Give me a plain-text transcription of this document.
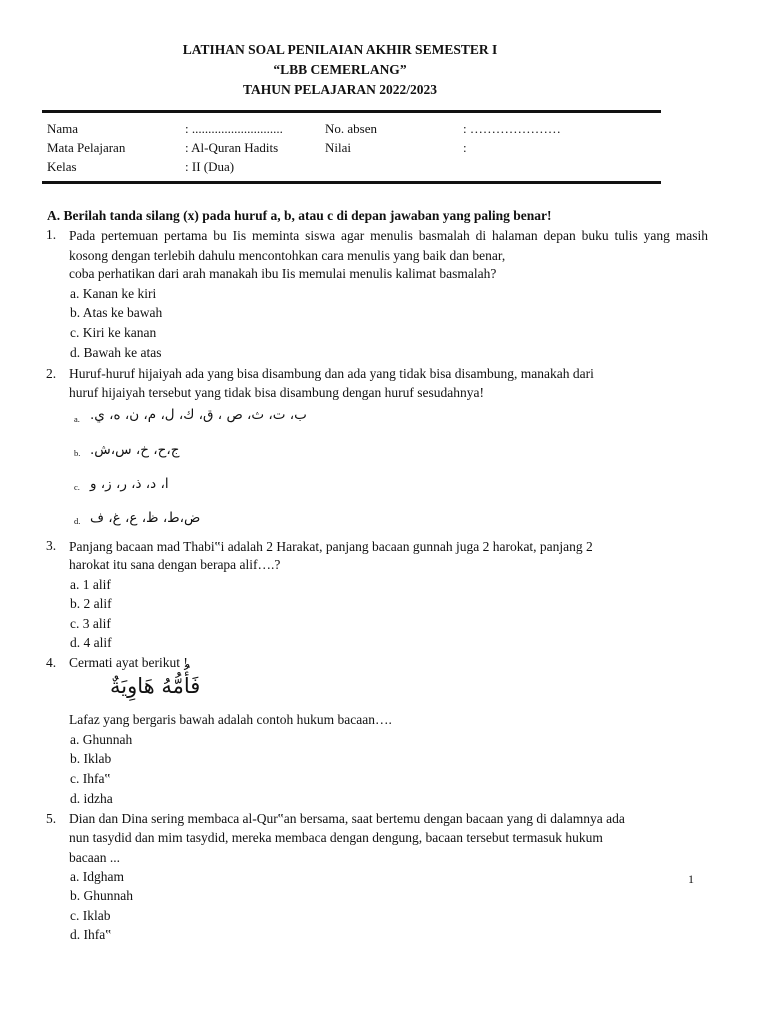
LATIHAN SOAL PENILAIAN AKHIR SEMESTER I
“LBB CEMERLANG”
TAHUN PELAJARAN 2022/2023
Nama	: ............................	No. absen	: …………………
Mata Pelajaran	: Al-Quran Hadits	Nilai	:
Kelas	: II (Dua)
A. Berilah tanda silang (x) pada huruf a, b, atau c di depan jawaban yang paling benar!
1. Pada pertemuan pertama bu Iis meminta siswa agar menulis basmalah di halaman depan buku tulis yang masih kosong dengan terlebih dahulu mencontohkan cara menulis yang baik dan benar,
coba perhatikan dari arah manakah ibu Iis memulai menulis kalimat basmalah?
a. Kanan ke kiri
b. Atas ke bawah
c. Kiri ke kanan
d. Bawah ke atas
2. Huruf-huruf hijaiyah ada yang bisa disambung dan ada yang tidak bisa disambung, manakah dari
huruf hijaiyah tersebut yang tidak bisa disambung dengan huruf sesudahnya!
a. ب، ت، ث، ص ، ق، ك، ل، م، ن، ه، ي.
b. ج،ح، خ، س،ش.
c. ا، د، ذ، ر، ز، و
d. ض،ط، ظ، ع، غ، ف
3. Panjang bacaan mad Thabi‟i adalah 2 Harakat, panjang bacaan gunnah juga 2 harokat, panjang 2
harokat itu sana dengan berapa alif….?
a. 1 alif
b. 2 alif
c. 3 alif
d. 4 alif
4. Cermati ayat berikut !
فَأُمُّهُ هَاوِيَةٌ
Lafaz yang bergaris bawah adalah contoh hukum bacaan….
a. Ghunnah
b. Iklab
c. Ihfa‟
d. idzha
5. Dian dan Dina sering membaca al-Qur‟an bersama, saat bertemu dengan bacaan yang di dalamnya ada
nun tasydid dan mim tasydid, mereka membaca dengan dengung, bacaan tersebut termasuk hukum
bacaan ...
a. Idgham
b. Ghunnah
c. Iklab
d. Ihfa‟
1
